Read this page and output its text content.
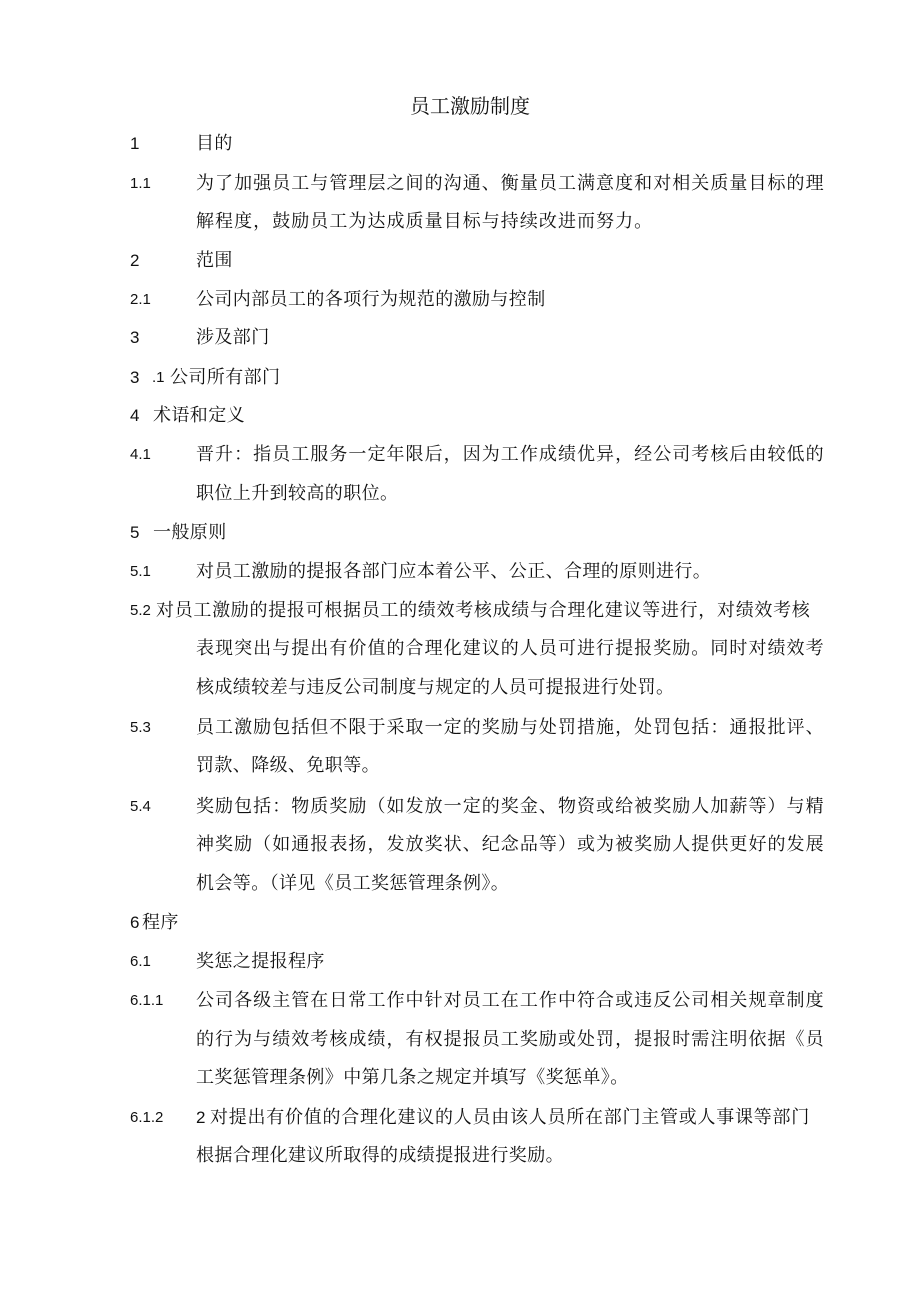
员工激励制度
1	目的
1.1	为了加强员工与管理层之间的沟通、衡量员工满意度和对相关质量目标的理
解程度，鼓励员工为达成质量目标与持续改进而努力。
2	范围
2.1	公司内部员工的各项行为规范的激励与控制
3	涉及部门
3 .1 公司所有部门
4 术语和定义
4.1	晋升：指员工服务一定年限后，因为工作成绩优异，经公司考核后由较低的
职位上升到较高的职位。
5 一般原则
5.1	对员工激励的提报各部门应本着公平、公正、合理的原则进行。
5.2 对员工激励的提报可根据员工的绩效考核成绩与合理化建议等进行，对绩效考核
表现突出与提出有价值的合理化建议的人员可进行提报奖励。同时对绩效考
核成绩较差与违反公司制度与规定的人员可提报进行处罚。
5.3	员工激励包括但不限于采取一定的奖励与处罚措施，处罚包括：通报批评、
罚款、降级、免职等。
5.4	奖励包括：物质奖励（如发放一定的奖金、物资或给被奖励人加薪等）与精
神奖励（如通报表扬，发放奖状、纪念品等）或为被奖励人提供更好的发展
机会等。（详见《员工奖惩管理条例》。
6 程序
6.1	奖惩之提报程序
6.1.1 公司各级主管在日常工作中针对员工在工作中符合或违反公司相关规章制度
的行为与绩效考核成绩，有权提报员工奖励或处罚，提报时需注明依据《员
工奖惩管理条例》中第几条之规定并填写《奖惩单》。
6.1.2 2 对提出有价值的合理化建议的人员由该人员所在部门主管或人事课等部门
根据合理化建议所取得的成绩提报进行奖励。
